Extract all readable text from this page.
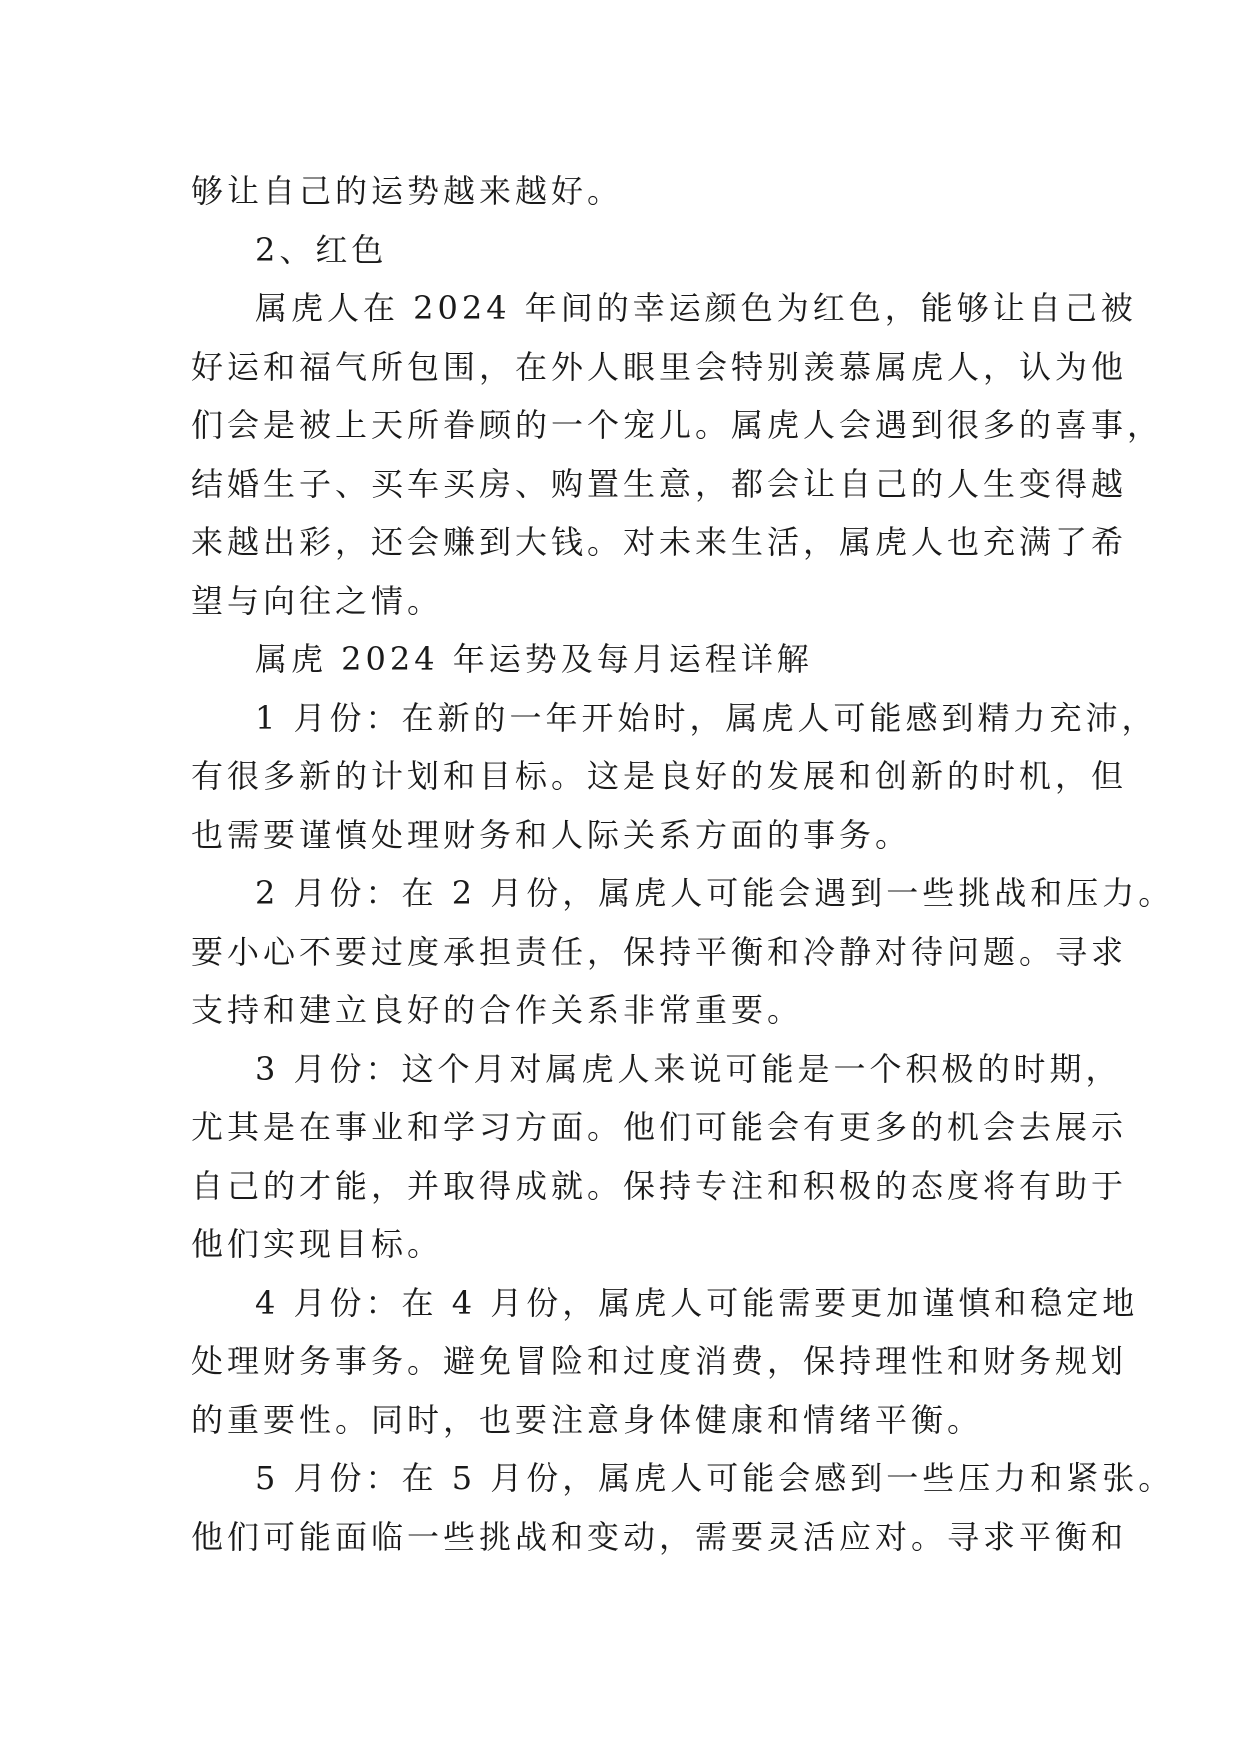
够让自己的运势越来越好。
2、红色
属虎人在 2024 年间的幸运颜色为红色，能够让自己被
好运和福气所包围，在外人眼里会特别羡慕属虎人，认为他
们会是被上天所眷顾的一个宠儿。属虎人会遇到很多的喜事，
结婚生子、买车买房、购置生意，都会让自己的人生变得越
来越出彩，还会赚到大钱。对未来生活，属虎人也充满了希
望与向往之情。
属虎 2024 年运势及每月运程详解
1 月份：在新的一年开始时，属虎人可能感到精力充沛，
有很多新的计划和目标。这是良好的发展和创新的时机，但
也需要谨慎处理财务和人际关系方面的事务。
2 月份：在 2 月份，属虎人可能会遇到一些挑战和压力。
要小心不要过度承担责任，保持平衡和冷静对待问题。寻求
支持和建立良好的合作关系非常重要。
3 月份：这个月对属虎人来说可能是一个积极的时期，
尤其是在事业和学习方面。他们可能会有更多的机会去展示
自己的才能，并取得成就。保持专注和积极的态度将有助于
他们实现目标。
4 月份：在 4 月份，属虎人可能需要更加谨慎和稳定地
处理财务事务。避免冒险和过度消费，保持理性和财务规划
的重要性。同时，也要注意身体健康和情绪平衡。
5 月份：在 5 月份，属虎人可能会感到一些压力和紧张。
他们可能面临一些挑战和变动，需要灵活应对。寻求平衡和
